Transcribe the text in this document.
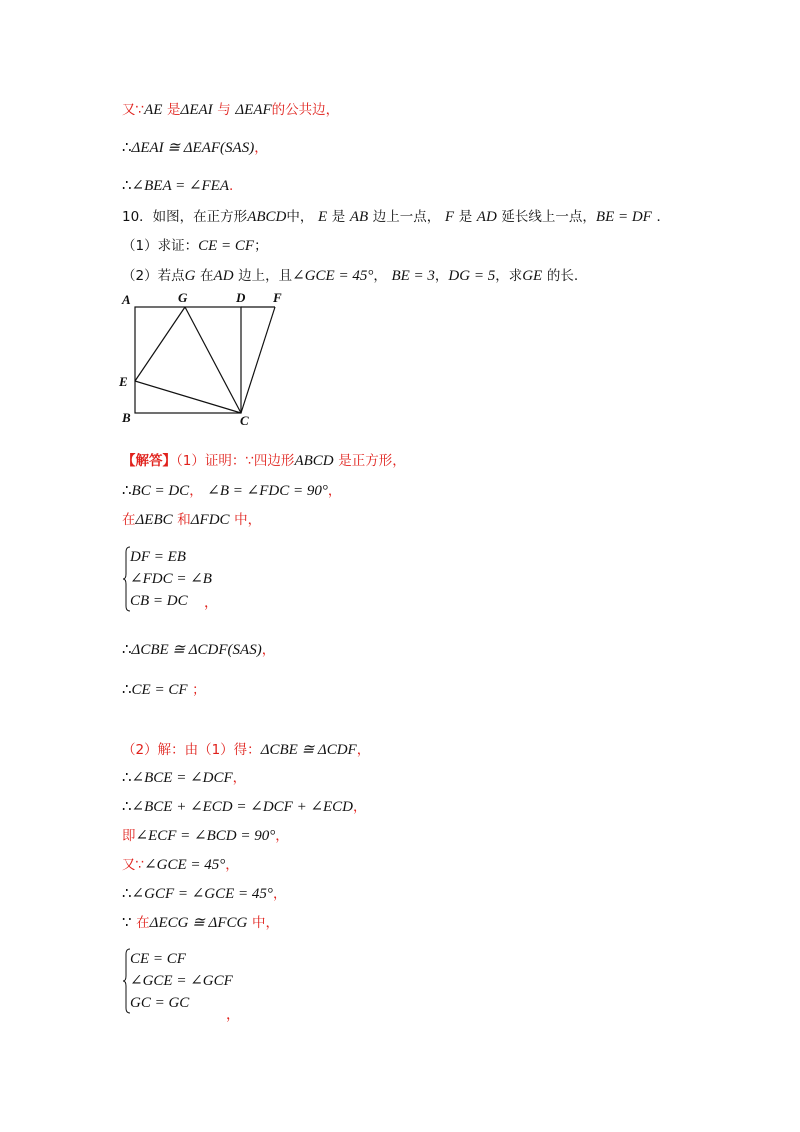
又∵AE 是ΔEAI 与 ΔEAF的公共边，
∴ΔEAI ≅ ΔEAF(SAS)，
∴∠BEA = ∠FEA.
10．如图，在正方形ABCD中， E 是 AB 边上一点， F 是 AD 延长线上一点，BE = DF ．
（1）求证：CE = CF；
（2）若点G 在AD 边上，且∠GCE = 45°， BE = 3，DG = 5，求GE 的长.
A	G	D F
E
B	C
【解答】（1）证明：∵四边形ABCD 是正方形，
∴BC = DC， ∠B = ∠FDC = 90°，
在ΔEBC 和ΔFDC 中，
DF = EB
∠FDC = ∠B
CB = DC	，
∴ΔCBE ≅ ΔCDF(SAS)，
∴CE = CF ；
（2）解：由（1）得：ΔCBE ≅ ΔCDF，
∴∠BCE = ∠DCF，
∴∠BCE + ∠ECD = ∠DCF + ∠ECD，
即∠ECF = ∠BCD = 90°，
又∵∠GCE = 45°，
∴∠GCF = ∠GCE = 45°，
∵ 在ΔECG ≅ ΔFCG 中，
CE = CF
∠GCE = ∠GCF
GC = GC
，
